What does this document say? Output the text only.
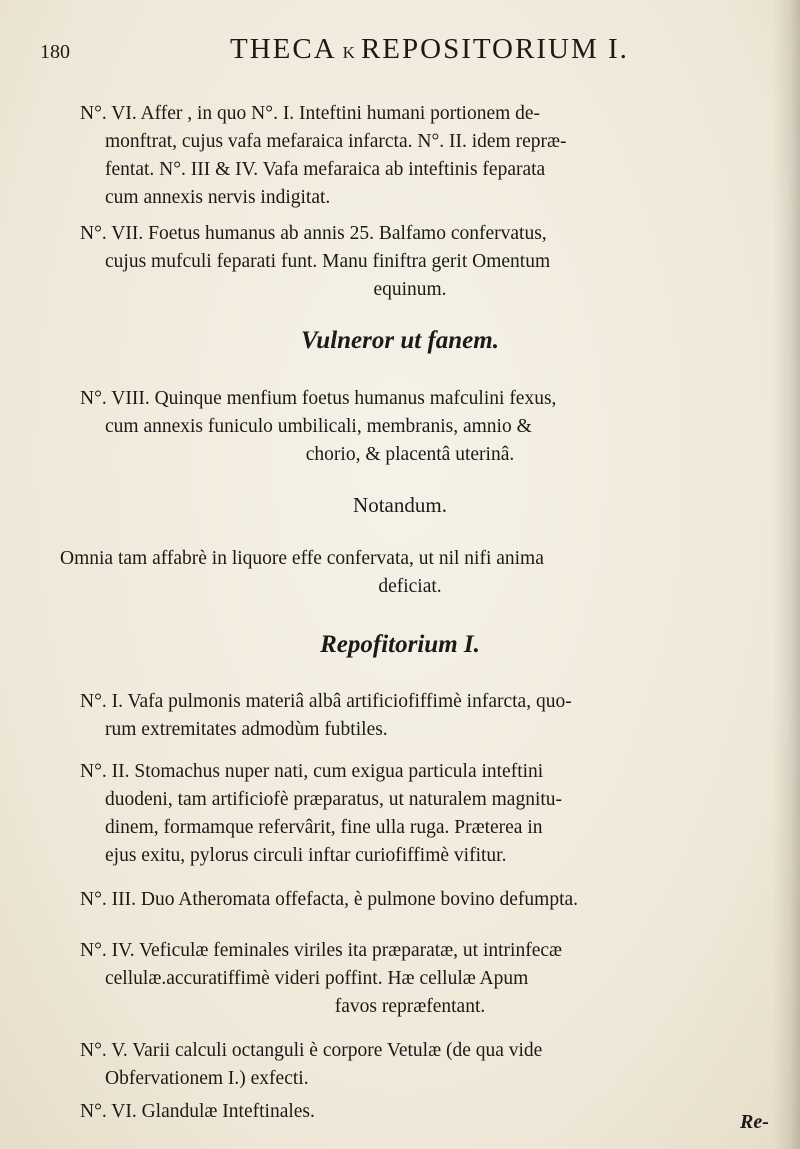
180	THECA K REPOSITORIUM I.
N°. VI. Affer , in quo N°. I. Inteftini humani portionem de-
monftrat, cujus vafa mefaraica infarcta. N°. II. idem repræ-
fentat. N°. III & IV. Vafa mefaraica ab inteftinis feparata
cum annexis nervis indigitat.
N°. VII. Foetus humanus ab annis 25. Balfamo confervatus,
cujus mufculi feparati funt. Manu finiftra gerit Omentum
equinum.
Vulneror ut fanem.
N°. VIII. Quinque menfium foetus humanus mafculini fexus,
cum annexis funiculo umbilicali, membranis, amnio &
chorio, & placentâ uterinâ.
Notandum.
Omnia tam affabrè in liquore effe confervata, ut nil nifi anima
deficiat.
Repofitorium I.
N°. I. Vafa pulmonis materiâ albâ artificiofiffimè infarcta, quo-
rum extremitates admodùm fubtiles.
N°. II. Stomachus nuper nati, cum exigua particula inteftini
duodeni, tam artificiofè præparatus, ut naturalem magnitu-
dinem, formamque refervârit, fine ulla ruga. Præterea in
ejus exitu, pylorus circuli inftar curiofiffimè vifitur.
N°. III. Duo Atheromata offefacta, è pulmone bovino defumpta.
N°. IV. Veficulæ feminales viriles ita præparatæ, ut intrinfecæ
cellulæ.accuratiffimè videri poffint. Hæ cellulæ Apum
favos repræfentant.
N°. V. Varii calculi octanguli è corpore Vetulæ (de qua vide
Obfervationem I.) exfecti.
N°. VI. Glandulæ Inteftinales.	Re-
